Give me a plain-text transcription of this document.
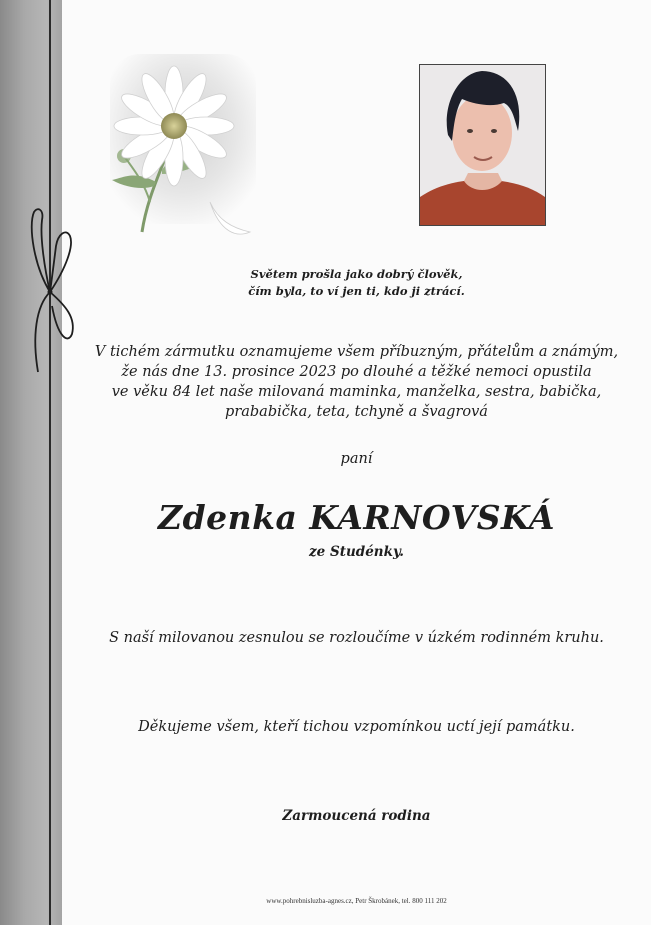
Světem prošla jako dobrý člověk,
čím byla, to ví jen ti, kdo ji ztrácí.
V tichém zármutku oznamujeme všem příbuzným, přátelům a známým,
že nás dne 13. prosince 2023 po dlouhé a těžké nemoci opustila
ve věku 84 let naše milovaná maminka, manželka, sestra, babička,
prababička, teta, tchyně a švagrová
paní
Zdenka KARNOVSKÁ
ze Studénky.
S naší milovanou zesnulou se rozloučíme v úzkém rodinném kruhu.
Děkujeme všem, kteří tichou vzpomínkou uctí její památku.
Zarmoucená rodina
www.pohrebnisluzba-agnes.cz, Petr Škrobánek, tel. 800 111 202
